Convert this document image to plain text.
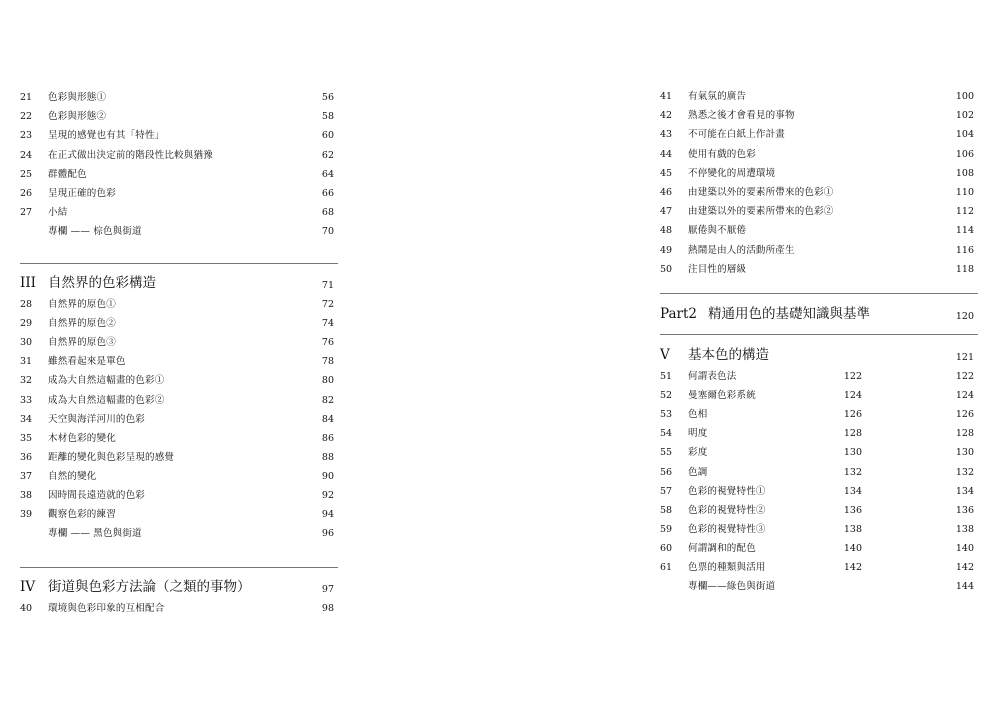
21	色彩與形態①	56
22	色彩與形態②	58
23	呈現的感覺也有其「特性」	60
24	在正式做出決定前的階段性比較與猶豫	62
25	群體配色	64
26	呈現正確的色彩	66
27	小結	68
專欄 —— 棕色與街道	70
III 自然界的色彩構造	71
28	自然界的原色①	72
29	自然界的原色②	74
30	自然界的原色③	76
31	雖然看起來是單色	78
32	成為大自然這幅畫的色彩①	80
33	成為大自然這幅畫的色彩②	82
34	天空與海洋河川的色彩	84
35	木材色彩的變化	86
36	距離的變化與色彩呈現的感覺	88
37	自然的變化	90
38	因時間長遠造就的色彩	92
39	觀察色彩的練習	94
專欄 —— 黑色與街道	96
IV 街道與色彩方法論（之類的事物）	97
40	環境與色彩印象的互相配合	98
41	有氣氛的廣告	100
42	熟悉之後才會看見的事物	102
43	不可能在白紙上作計畫	104
44	使用有戲的色彩	106
45	不停變化的周遭環境	108
46	由建築以外的要素所帶來的色彩①	110
47	由建築以外的要素所帶來的色彩②	112
48	厭倦與不厭倦	114
49	熱鬧是由人的活動所產生	116
50	注目性的層級	118
Part2 精通用色的基礎知識與基準	120
V 基本色的構造	121
51	何謂表色法	122	122
52	曼塞爾色彩系統	124	124
53	色相	126	126
54	明度	128	128
55	彩度	130	130
56	色調	132	132
57	色彩的視覺特性①	134	134
58	色彩的視覺特性②	136	136
59	色彩的視覺特性③	138	138
60	何謂調和的配色	140	140
61	色票的種類與活用	142	142
專欄——綠色與街道	144
